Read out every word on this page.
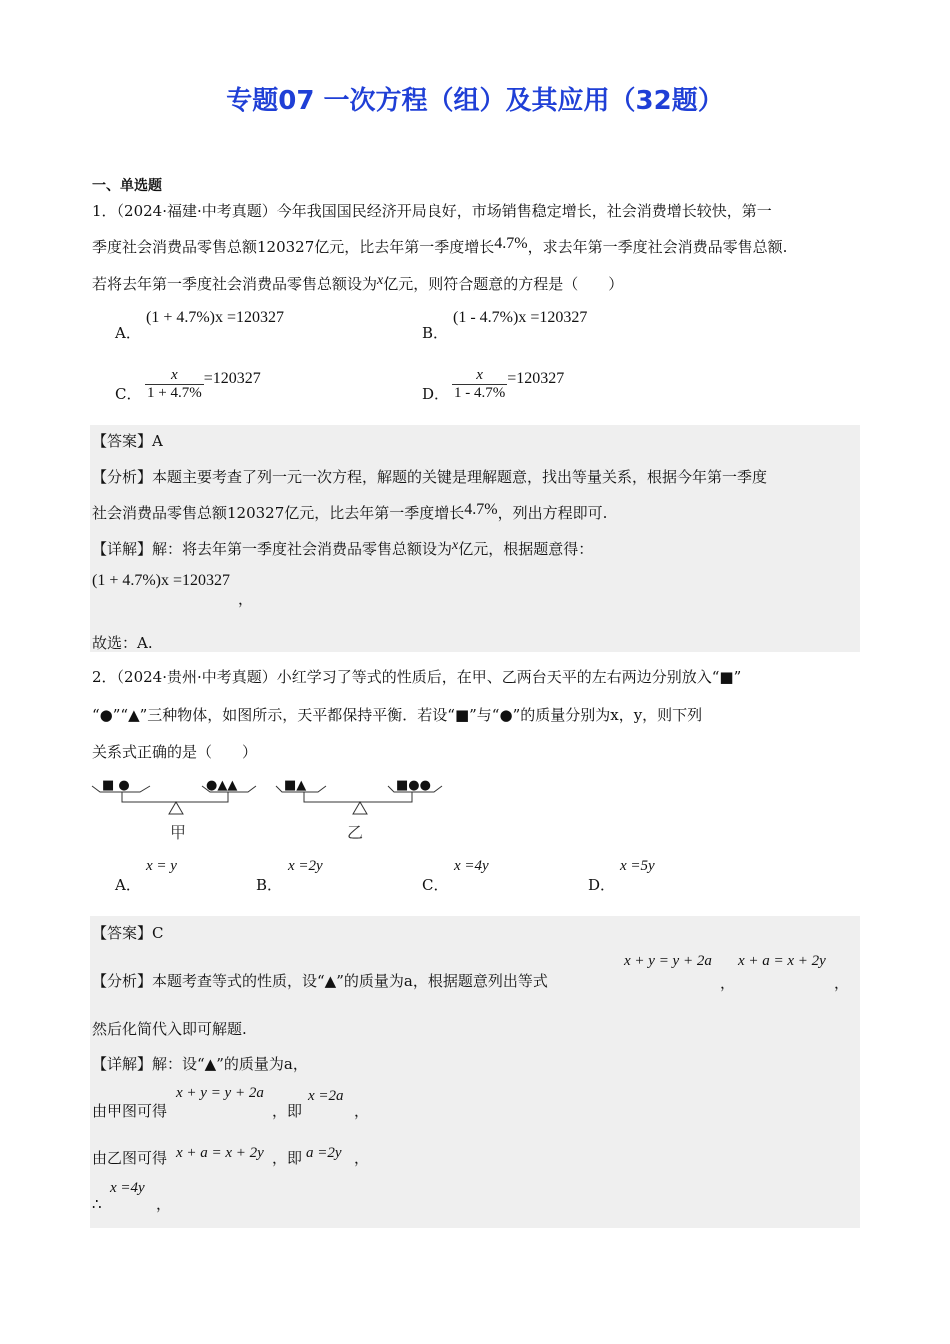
专题07 一次方程（组）及其应用（32题）
一、单选题
1．（2024·福建·中考真题）今年我国国民经济开局良好，市场销售稳定增长，社会消费增长较快，第一
季度社会消费品零售总额120327亿元，比去年第一季度增长4.7%，求去年第一季度社会消费品零售总额.
若将去年第一季度社会消费品零售总额设为x亿元，则符合题意的方程是（　　）
A．
(1 + 4.7%)x =120327
B．
(1 - 4.7%)x =120327
C． $\frac{x}{1 + 4.7\%} =120327$
D． $\frac{x}{1 - 4.7\%} =120327$
【答案】A
【分析】本题主要考查了列一元一次方程，解题的关键是理解题意，找出等量关系，根据今年第一季度
社会消费品零售总额120327亿元，比去年第一季度增长4.7%，列出方程即可.
【详解】解：将去年第一季度社会消费品零售总额设为x亿元，根据题意得：
(1 + 4.7%)x =120327
，
故选：A.
2．（2024·贵州·中考真题）小红学习了等式的性质后，在甲、乙两台天平的左右两边分别放入“■”
“●”“▲”三种物体，如图所示，天平都保持平衡．若设“■”与“●”的质量分别为x，y，则下列
关系式正确的是（　　）
■ ●	●▲▲	■▲	■●●
甲	乙
A．
x = y
B．
x =2y
C．
x =4y
D．
x =5y
【答案】C
【分析】本题考查等式的性质，设“▲”的质量为a，根据题意列出等式
x + y = y + 2a
，
x + a = x + 2y
，
然后化简代入即可解题.
【详解】解：设“▲”的质量为a，
由甲图可得
x + y = y + 2a
，即
x =2a
，
由乙图可得 x + a = x + 2y ，即 a =2y ，
∴
x =4y
，
